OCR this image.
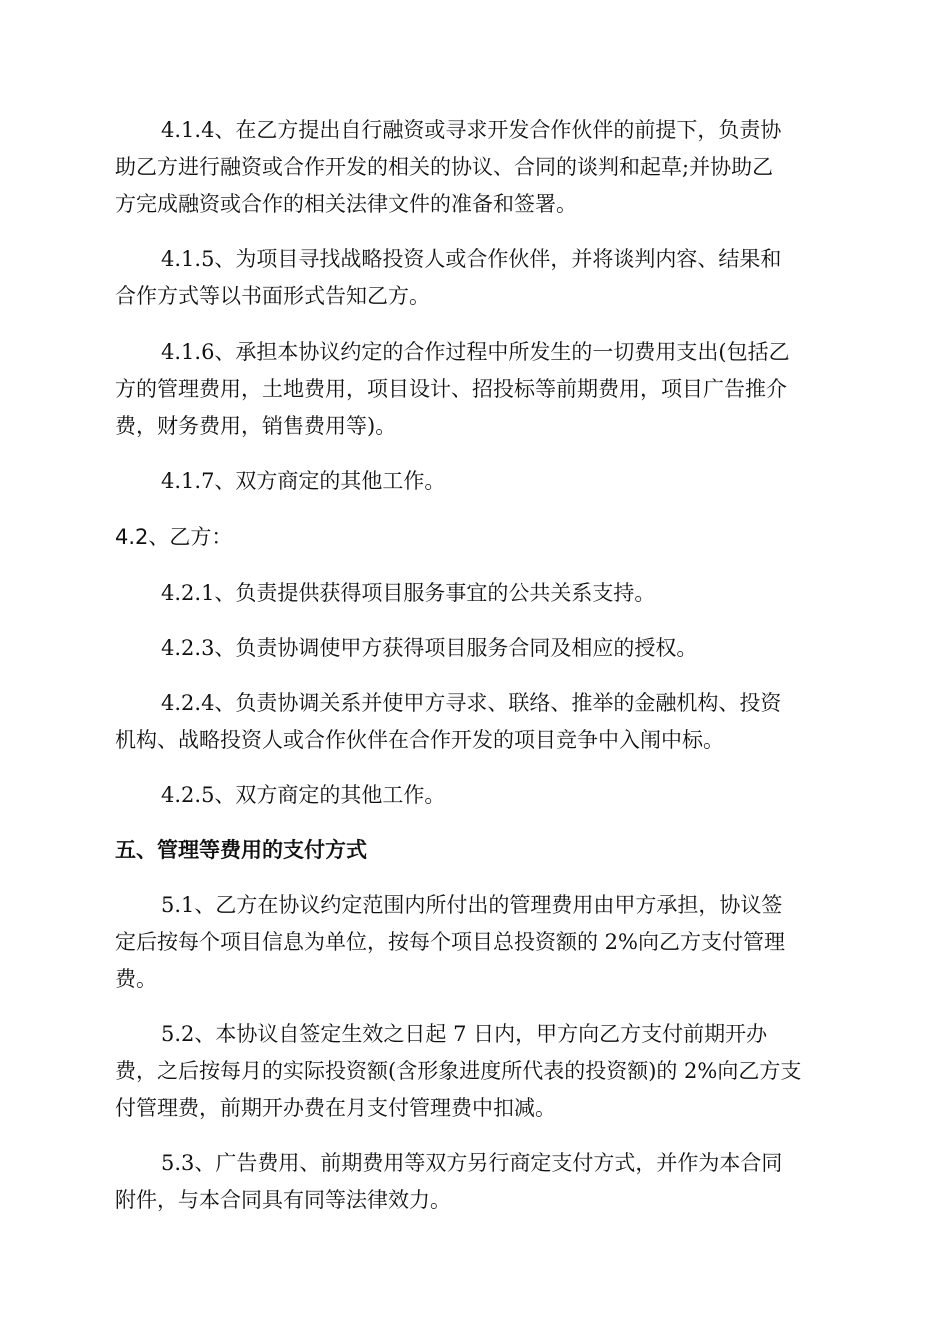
4.1.4、在乙方提出自行融资或寻求开发合作伙伴的前提下，负责协
助乙方进行融资或合作开发的相关的协议、合同的谈判和起草;并协助乙
方完成融资或合作的相关法律文件的准备和签署。
4.1.5、为项目寻找战略投资人或合作伙伴，并将谈判内容、结果和
合作方式等以书面形式告知乙方。
4.1.6、承担本协议约定的合作过程中所发生的一切费用支出(包括乙
方的管理费用，土地费用，项目设计、招投标等前期费用，项目广告推介
费，财务费用，销售费用等)。
4.1.7、双方商定的其他工作。
4.2、乙方：
4.2.1、负责提供获得项目服务事宜的公共关系支持。
4.2.3、负责协调使甲方获得项目服务合同及相应的授权。
4.2.4、负责协调关系并使甲方寻求、联络、推举的金融机构、投资
机构、战略投资人或合作伙伴在合作开发的项目竞争中入闱中标。
4.2.5、双方商定的其他工作。
五、管理等费用的支付方式
5.1、乙方在协议约定范围内所付出的管理费用由甲方承担，协议签
定后按每个项目信息为单位，按每个项目总投资额的 2%向乙方支付管理
费。
5.2、本协议自签定生效之日起 7 日内，甲方向乙方支付前期开办
费，之后按每月的实际投资额(含形象进度所代表的投资额)的 2%向乙方支
付管理费，前期开办费在月支付管理费中扣减。
5.3、广告费用、前期费用等双方另行商定支付方式，并作为本合同
附件，与本合同具有同等法律效力。
